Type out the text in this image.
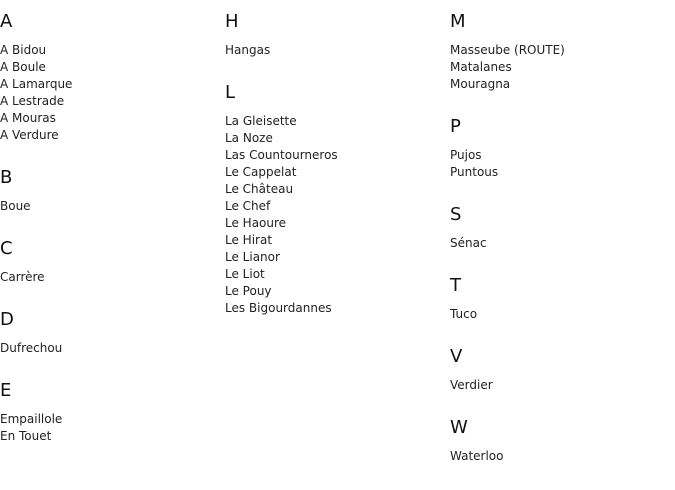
A
A Bidou
A Boule
A Lamarque
A Lestrade
A Mouras
A Verdure
B
Boue
C
Carrère
D
Dufrechou
E
Empaillole
En Touet
H
Hangas
L
La Gleisette
La Noze
Las Countourneros
Le Cappelat
Le Château
Le Chef
Le Haoure
Le Hirat
Le Lianor
Le Liot
Le Pouy
Les Bigourdannes
M
Masseube (ROUTE)
Matalanes
Mouragna
P
Pujos
Puntous
S
Sénac
T
Tuco
V
Verdier
W
Waterloo
